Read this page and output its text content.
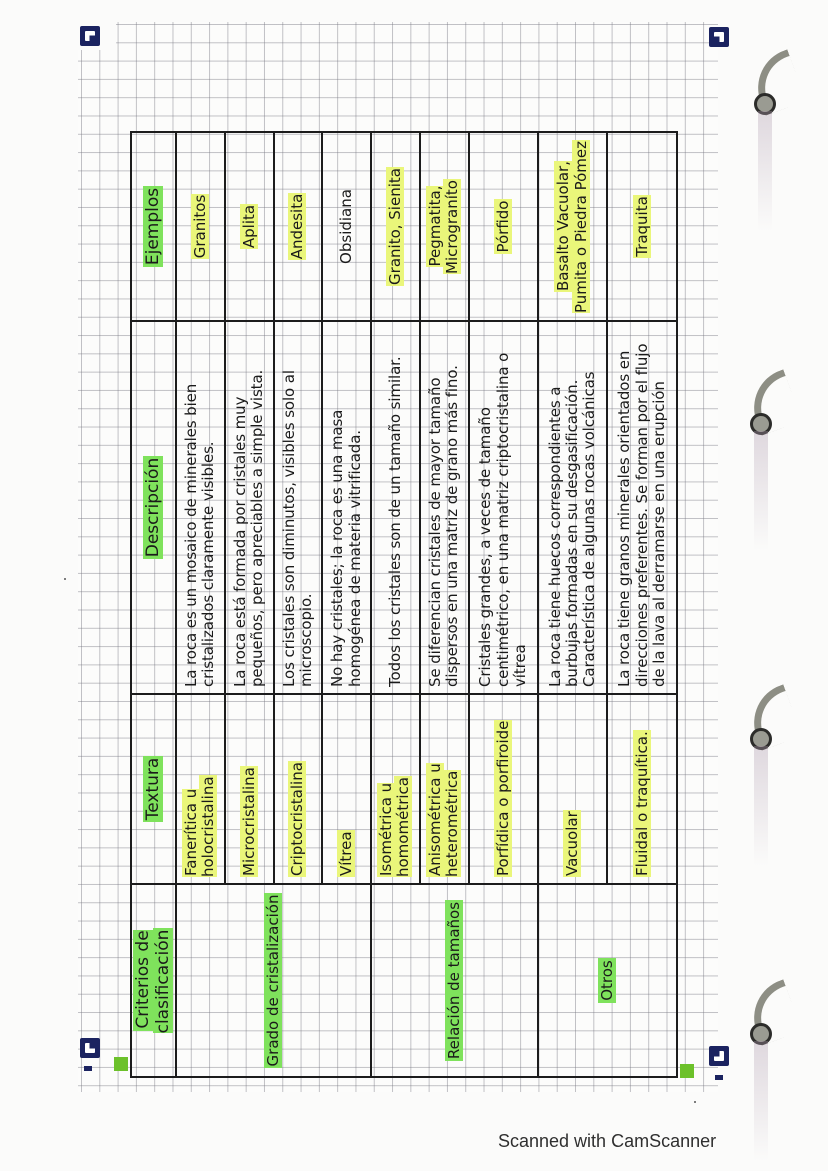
Criterios de clasificación	Textura	Descripción	Ejemplos
Grado de cristalización	Fanerítica u holocristalina	La roca es un mosaico de minerales bien cristalizados claramente visibles.	Granitos
	Microcristalina	La roca está formada por cristales muy pequeños, pero apreciables a simple vista.	Aplita
	Criptocristalina	Los cristales son diminutos, visibles solo al microscopio.	Andesita
	Vítrea	No hay cristales; la roca es una masa homogénea de materia vitrificada.	Obsidiana
Relación de tamaños	Isométrica u homométrica	Todos los cristales son de un tamaño similar.	Granito, Sienita
	Anisométrica u heterométrica	Se diferencian cristales de mayor tamaño dispersos en una matriz de grano más fino.	Pegmatita, Micrograníto
	Porfídica o porfiroide	Cristales grandes, a veces de tamaño centimétrico, en una matriz criptocristalina o vítrea	Pórfido
Otros	Vacuolar	La roca tiene huecos correspondientes a burbujas formadas en su desgasificación. Característica de algunas rocas volcánicas	Basalto Vacuolar, Pumita o Piedra Pómez
	Fluidal o traquítica.	La roca tiene granos minerales orientados en direcciones preferentes. Se forman por el flujo de la lava al derramarse en una erupción	Traquita
Scanned with CamScanner
